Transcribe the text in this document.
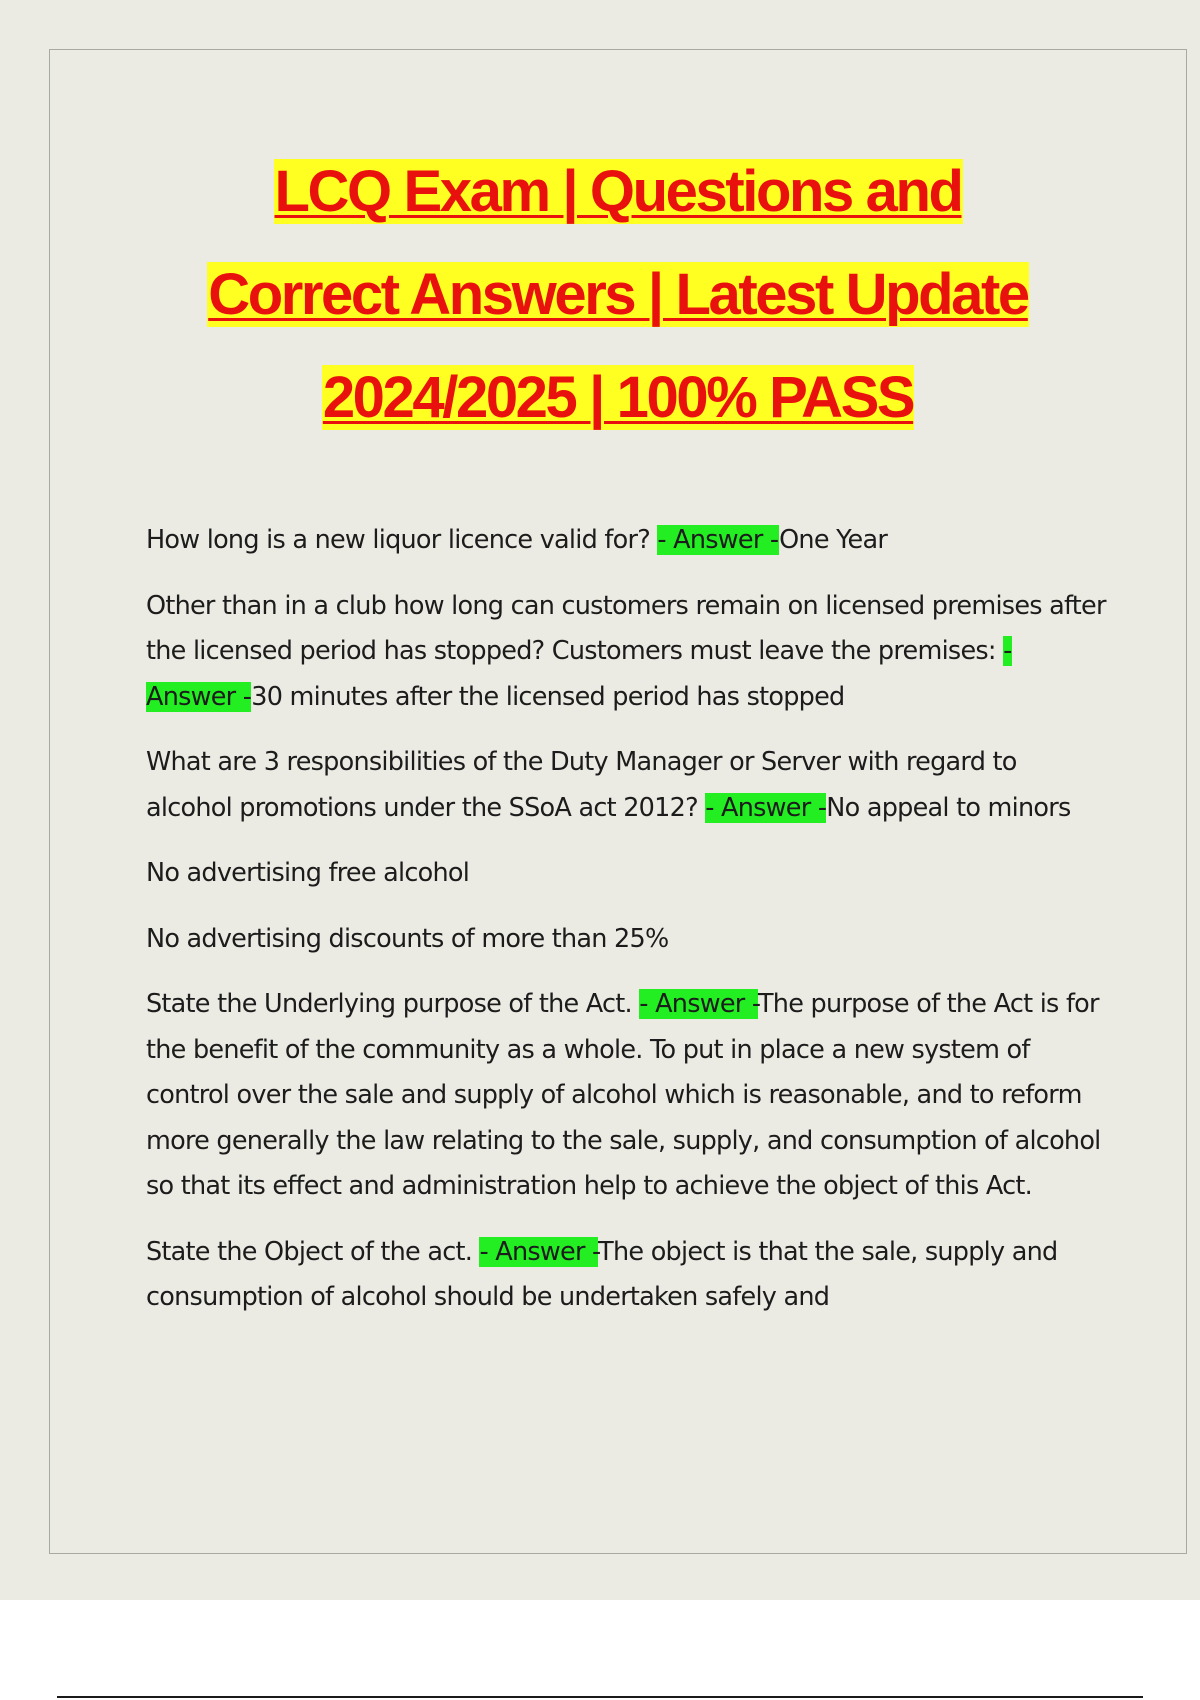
LCQ Exam | Questions and
Correct Answers | Latest Update
2024/2025 | 100% PASS

How long is a new liquor licence valid for? - Answer -One Year

Other than in a club how long can customers remain on licensed premises after the licensed period has stopped? Customers must leave the premises: - Answer -30 minutes after the licensed period has stopped

What are 3 responsibilities of the Duty Manager or Server with regard to alcohol promotions under the SSoA act 2012? - Answer -No appeal to minors

No advertising free alcohol

No advertising discounts of more than 25%

State the Underlying purpose of the Act. - Answer -The purpose of the Act is for the benefit of the community as a whole. To put in place a new system of control over the sale and supply of alcohol which is reasonable, and to reform more generally the law relating to the sale, supply, and consumption of alcohol so that its effect and administration help to achieve the object of this Act.

State the Object of the act. - Answer -The object is that the sale, supply and consumption of alcohol should be undertaken safely and
